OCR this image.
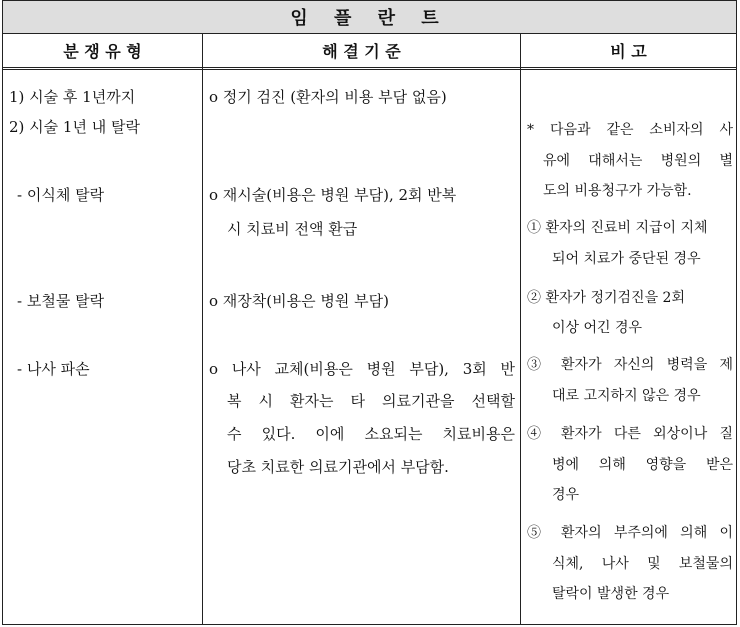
임 플 란 트
분 쟁 유 형	해 결 기 준	비 고
1) 시술 후 1년까지
2) 시술 1년 내 탈락
- 이식체 탈락
- 보철물 탈락
- 나사 파손
o 정기 검진 (환자의 비용 부담 없음)
o 재시술(비용은 병원 부담), 2회 반복
시 치료비 전액 환급
o 재장착(비용은 병원 부담)
o 나사 교체(비용은 병원 부담), 3회 반
복 시 환자는 타 의료기관을 선택할
수 있다. 이에 소요되는 치료비용은
당초 치료한 의료기관에서 부담함.
* 다음과 같은 소비자의 사
유에 대해서는 병원의 별
도의 비용청구가 가능함.
① 환자의 진료비 지급이 지체
되어 치료가 중단된 경우
② 환자가 정기검진을 2회
이상 어긴 경우
③ 환자가 자신의 병력을 제
대로 고지하지 않은 경우
④ 환자가 다른 외상이나 질
병에 의해 영향을 받은
경우
⑤ 환자의 부주의에 의해 이
식체, 나사 및 보철물의
탈락이 발생한 경우
